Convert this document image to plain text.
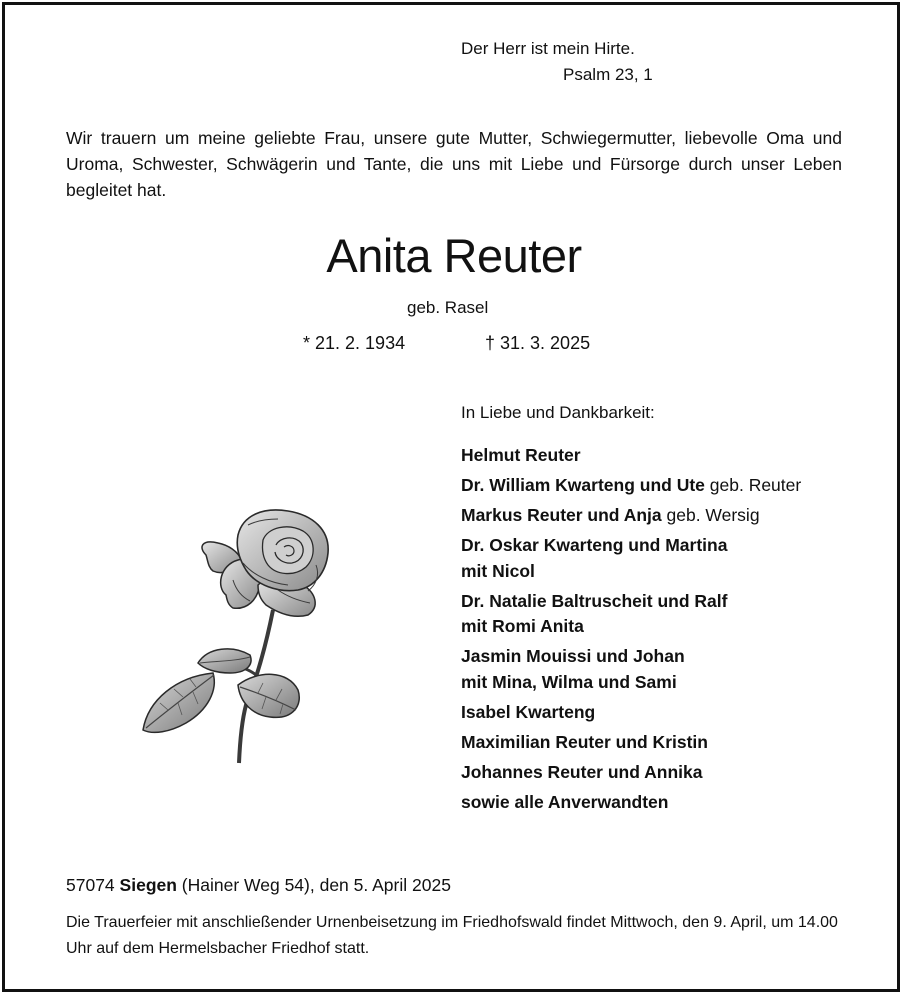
Der Herr ist mein Hirte.
Psalm 23, 1
Wir trauern um meine geliebte Frau, unsere gute Mutter, Schwiegermutter, liebevolle Oma und Uroma, Schwester, Schwägerin und Tante, die uns mit Liebe und Fürsorge durch unser Leben begleitet hat.
Anita Reuter
geb. Rasel
* 21. 2. 1934	† 31. 3. 2025
In Liebe und Dankbarkeit:
Helmut Reuter
Dr. William Kwarteng und Ute geb. Reuter
Markus Reuter und Anja geb. Wersig
Dr. Oskar Kwarteng und Martina
mit Nicol
Dr. Natalie Baltruscheit und Ralf
mit Romi Anita
Jasmin Mouissi und Johan
mit Mina, Wilma und Sami
Isabel Kwarteng
Maximilian Reuter und Kristin
Johannes Reuter und Annika
sowie alle Anverwandten
57074 Siegen (Hainer Weg 54), den 5. April 2025
Die Trauerfeier mit anschließender Urnenbeisetzung im Friedhofswald findet Mittwoch, den 9. April, um 14.00 Uhr auf dem Hermelsbacher Friedhof statt.
